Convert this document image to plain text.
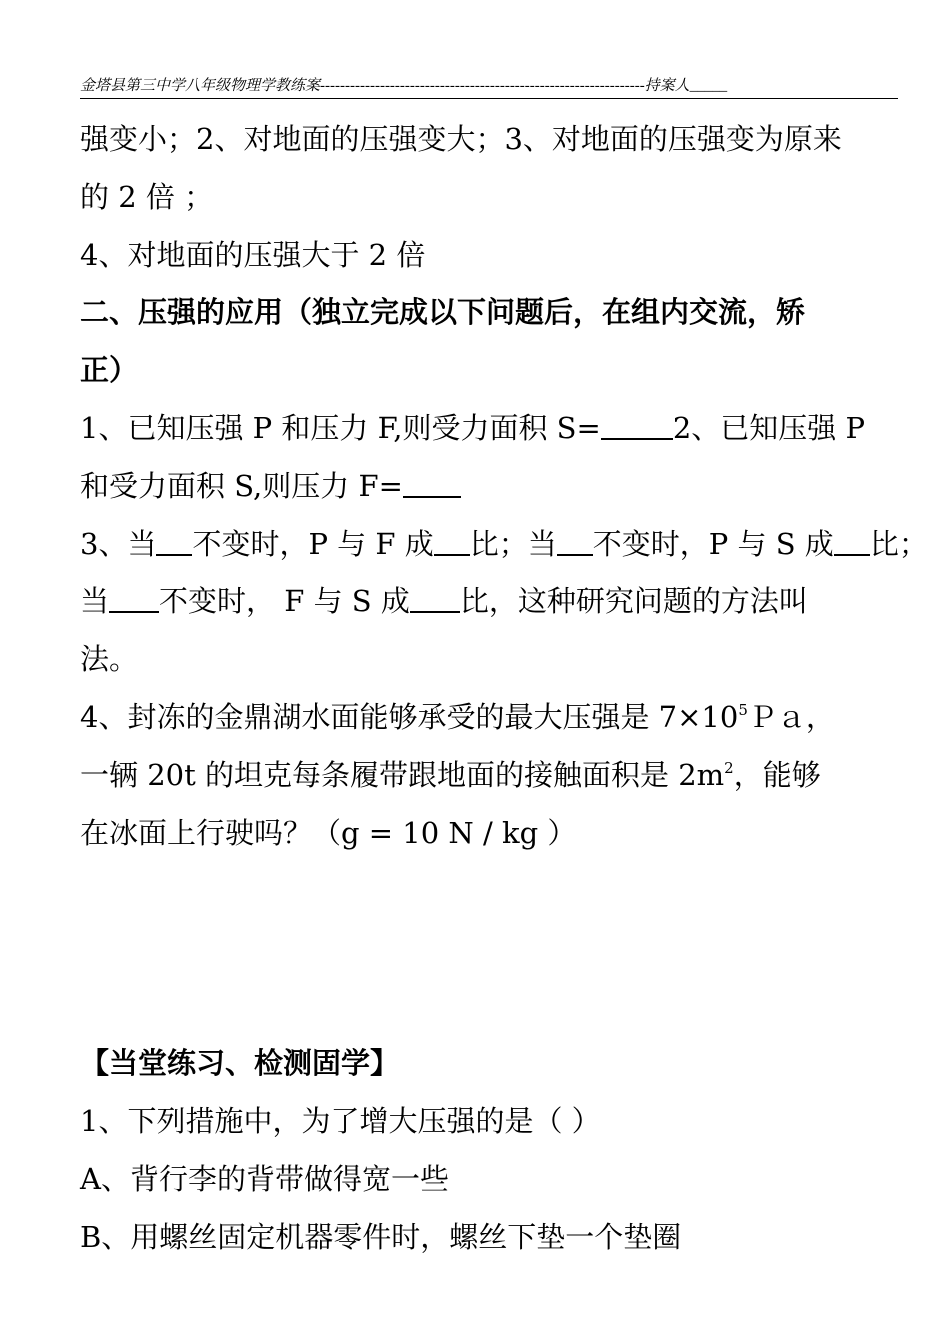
金塔县第三中学八年级物理学教练案-----------------------------------------------------------------持案人_____
强变小；2、对地面的压强变大；3、对地面的压强变为原来
的 2 倍 ；
4、对地面的压强大于 2 倍
二、压强的应用（独立完成以下问题后，在组内交流，矫
正）
1、已知压强 P 和压力 F,则受力面积 S= 2、已知压强 P
和受力面积 S,则压力 F=
3、当 不变时，P 与 F 成 比；当 不变时，P 与 S 成 比；
当 不变时， F 与 S 成 比，这种研究问题的方法叫
法。
4、封冻的金鼎湖水面能够承受的最大压强是 $7\times 10^5Pa$，
一辆 20t 的坦克每条履带跟地面的接触面积是 $2m^2$，能够
在冰面上行驶吗？（g = 10 N / kg ）
【当堂练习、检测固学】
1、下列措施中，为了增大压强的是（ ）
A、背行李的背带做得宽一些
B、用螺丝固定机器零件时，螺丝下垫一个垫圈
